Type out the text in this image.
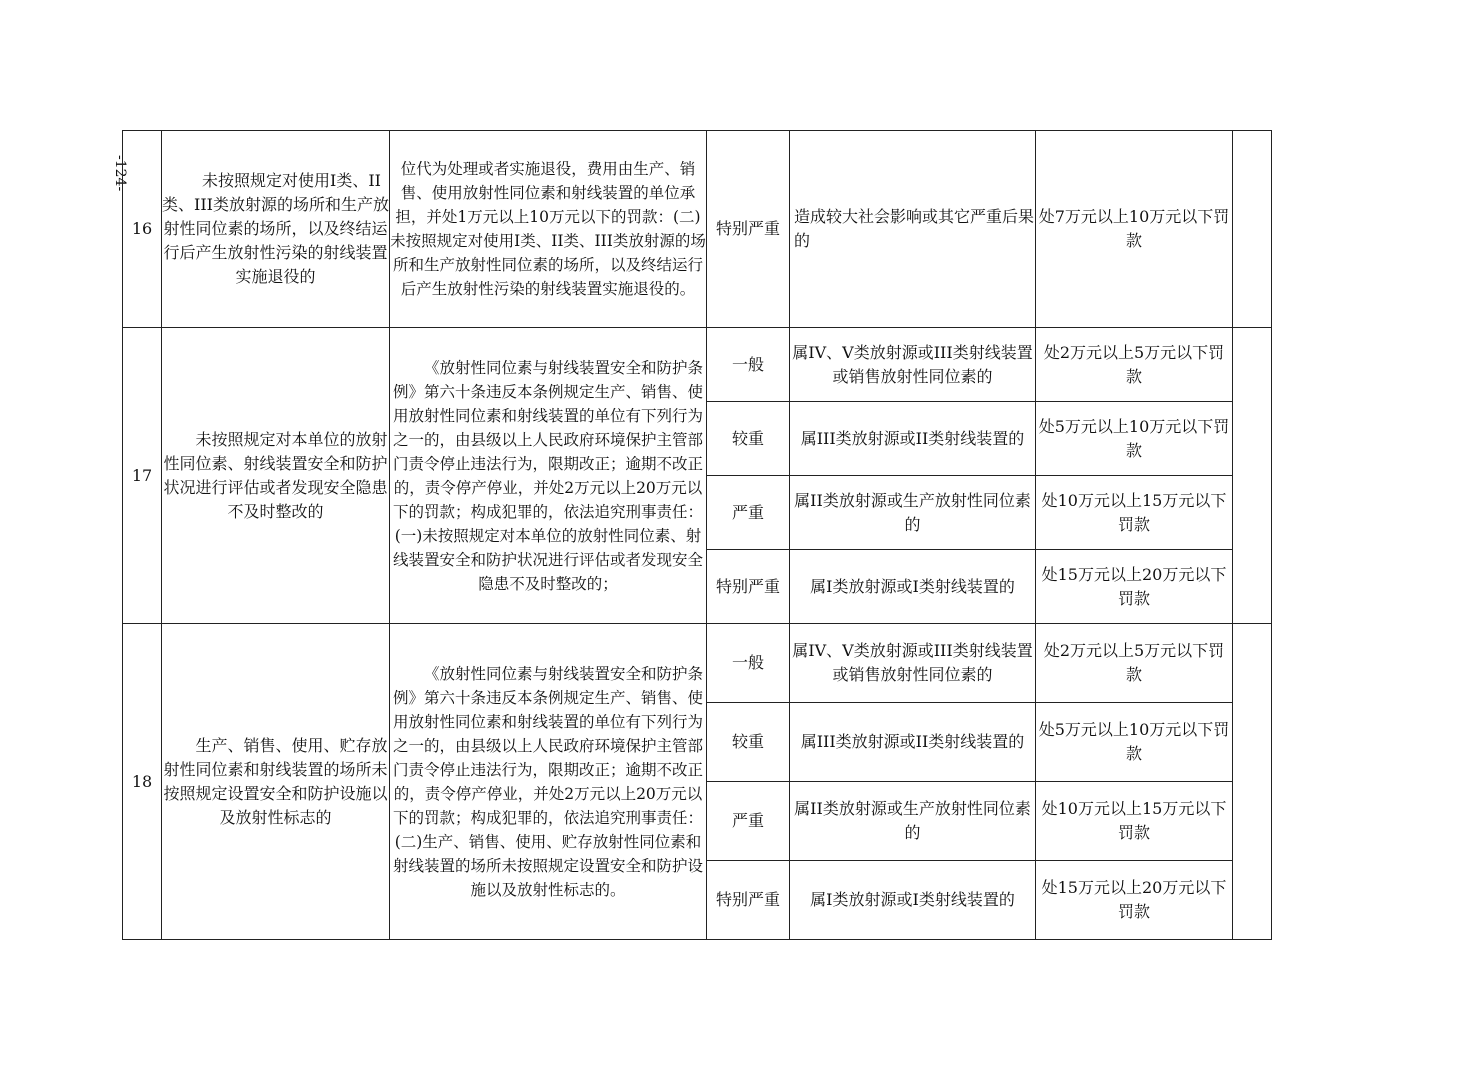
-124-
16	未按照规定对使用I类、II类、III类放射源的场所和生产放射性同位素的场所，以及终结运行后产生放射性污染的射线装置实施退役的	位代为处理或者实施退役，费用由生产、销售、使用放射性同位素和射线装置的单位承担，并处1万元以上10万元以下的罚款：(二)未按照规定对使用I类、II类、III类放射源的场所和生产放射性同位素的场所，以及终结运行后产生放射性污染的射线装置实施退役的。	特别严重	造成较大社会影响或其它严重后果的	处7万元以上10万元以下罚款	
17	未按照规定对本单位的放射性同位素、射线装置安全和防护状况进行评估或者发现安全隐患不及时整改的	《放射性同位素与射线装置安全和防护条例》第六十条违反本条例规定生产、销售、使用放射性同位素和射线装置的单位有下列行为之一的，由县级以上人民政府环境保护主管部门责令停止违法行为，限期改正；逾期不改正的，责令停产停业，并处2万元以上20万元以下的罚款；构成犯罪的，依法追究刑事责任：(一)未按照规定对本单位的放射性同位素、射线装置安全和防护状况进行评估或者发现安全隐患不及时整改的；	一般	属IV、V类放射源或III类射线装置或销售放射性同位素的	处2万元以上5万元以下罚款	
			较重	属III类放射源或II类射线装置的	处5万元以上10万元以下罚款	
			严重	属II类放射源或生产放射性同位素的	处10万元以上15万元以下罚款	
			特别严重	属I类放射源或I类射线装置的	处15万元以上20万元以下罚款	
18	生产、销售、使用、贮存放射性同位素和射线装置的场所未按照规定设置安全和防护设施以及放射性标志的	《放射性同位素与射线装置安全和防护条例》第六十条违反本条例规定生产、销售、使用放射性同位素和射线装置的单位有下列行为之一的，由县级以上人民政府环境保护主管部门责令停止违法行为，限期改正；逾期不改正的，责令停产停业，并处2万元以上20万元以下的罚款；构成犯罪的，依法追究刑事责任：(二)生产、销售、使用、贮存放射性同位素和射线装置的场所未按照规定设置安全和防护设施以及放射性标志的。	一般	属IV、V类放射源或III类射线装置或销售放射性同位素的	处2万元以上5万元以下罚款	
			较重	属III类放射源或II类射线装置的	处5万元以上10万元以下罚款	
			严重	属II类放射源或生产放射性同位素的	处10万元以上15万元以下罚款	
			特别严重	属I类放射源或I类射线装置的	处15万元以上20万元以下罚款	
